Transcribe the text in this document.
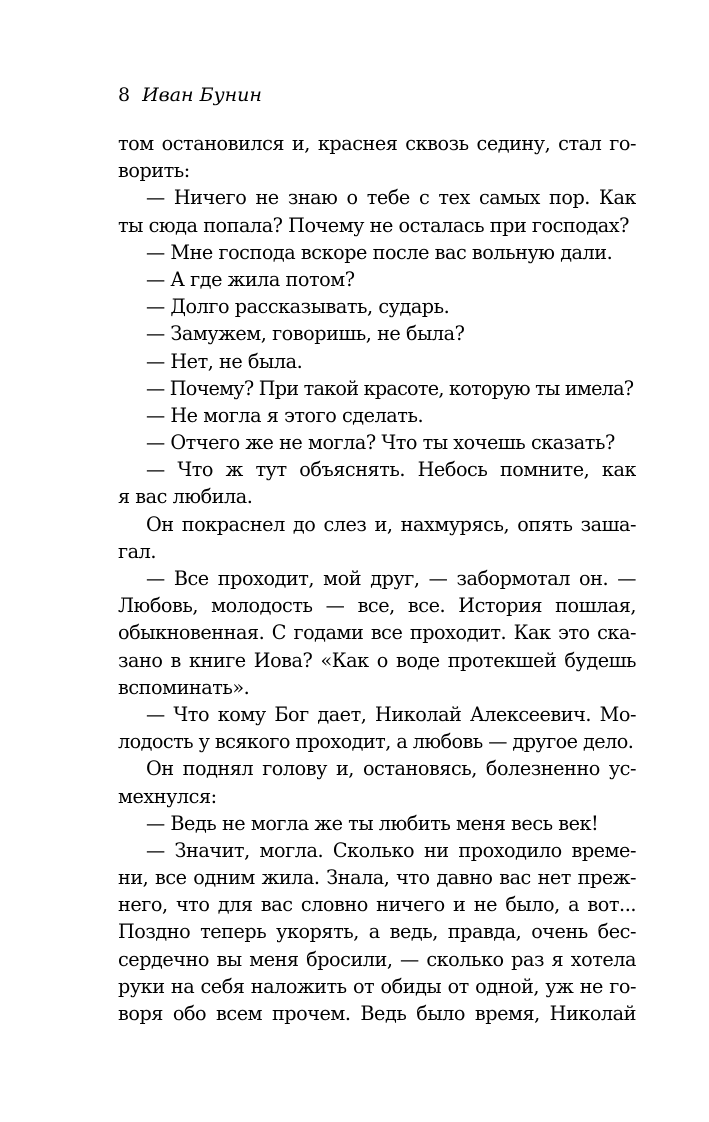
8 Иван Бунин
том остановился и, краснея сквозь седину, стал го-
ворить:
— Ничего не знаю о тебе с тех самых пор. Как
ты сюда попала? Почему не осталась при господах?
— Мне господа вскоре после вас вольную дали.
— А где жила потом?
— Долго рассказывать, сударь.
— Замужем, говоришь, не была?
— Нет, не была.
— Почему? При такой красоте, которую ты имела?
— Не могла я этого сделать.
— Отчего же не могла? Что ты хочешь сказать?
— Что ж тут объяснять. Небось помните, как
я вас любила.
Он покраснел до слез и, нахмурясь, опять заша-
гал.
— Все проходит, мой друг, — забормотал он. —
Любовь, молодость — все, все. История пошлая,
обыкновенная. С годами все проходит. Как это ска-
зано в книге Иова? «Как о воде протекшей будешь
вспоминать».
— Что кому Бог дает, Николай Алексеевич. Мо-
лодость у всякого проходит, а любовь — другое дело.
Он поднял голову и, остановясь, болезненно ус-
мехнулся:
— Ведь не могла же ты любить меня весь век!
— Значит, могла. Сколько ни проходило време-
ни, все одним жила. Знала, что давно вас нет преж-
него, что для вас словно ничего и не было, а вот...
Поздно теперь укорять, а ведь, правда, очень бес-
сердечно вы меня бросили, — сколько раз я хотела
руки на себя наложить от обиды от одной, уж не го-
воря обо всем прочем. Ведь было время, Николай
